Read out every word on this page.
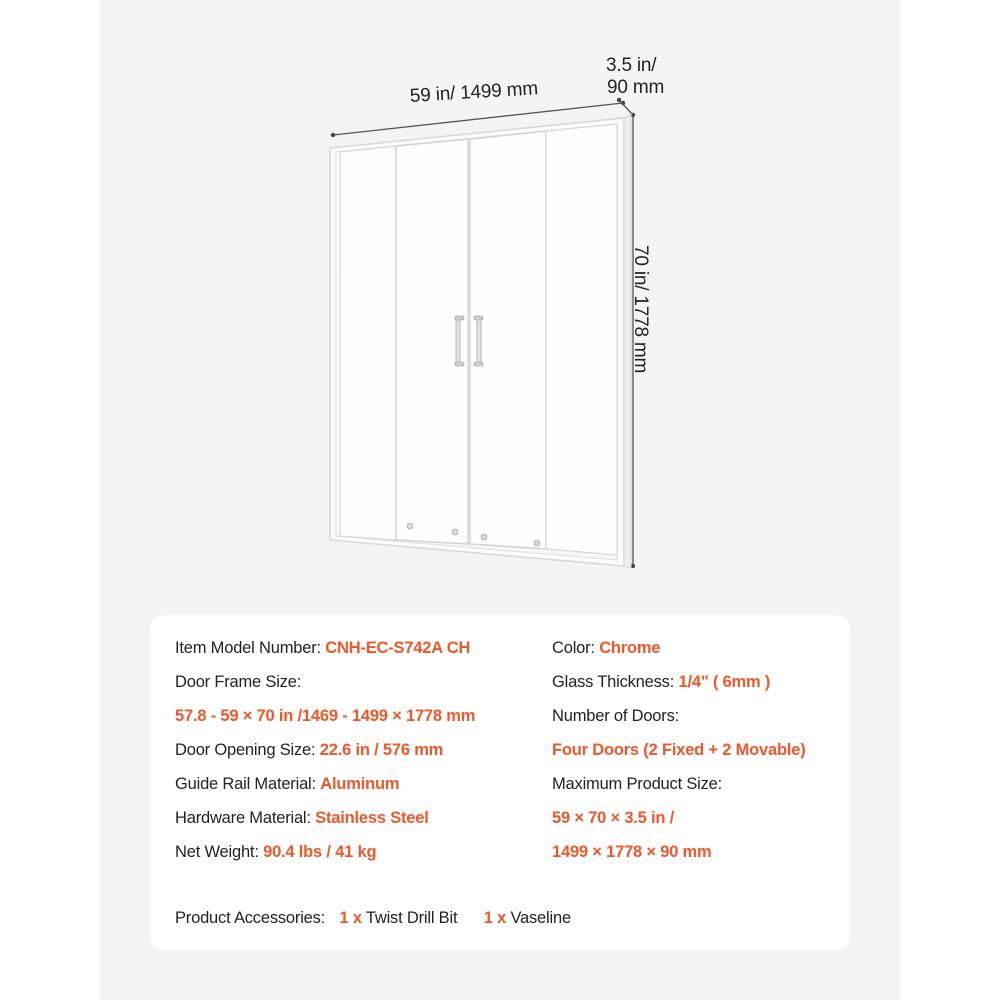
59 in/ 1499 mm
3.5 in/
90 mm
70 in/ 1778 mm
Item Model Number: CNH-EC-S742A CH
Door Frame Size:
57.8 - 59 × 70 in /1469 - 1499 × 1778 mm
Door Opening Size: 22.6 in / 576 mm
Guide Rail Material: Aluminum
Hardware Material: Stainless Steel
Net Weight: 90.4 lbs / 41 kg
Color: Chrome
Glass Thickness: 1/4" ( 6mm )
Number of Doors:
Four Doors (2 Fixed + 2 Movable)
Maximum Product Size:
59 × 70 × 3.5 in /
1499 × 1778 × 90 mm
Product Accessories: 1 x Twist Drill Bit 1 x Vaseline
